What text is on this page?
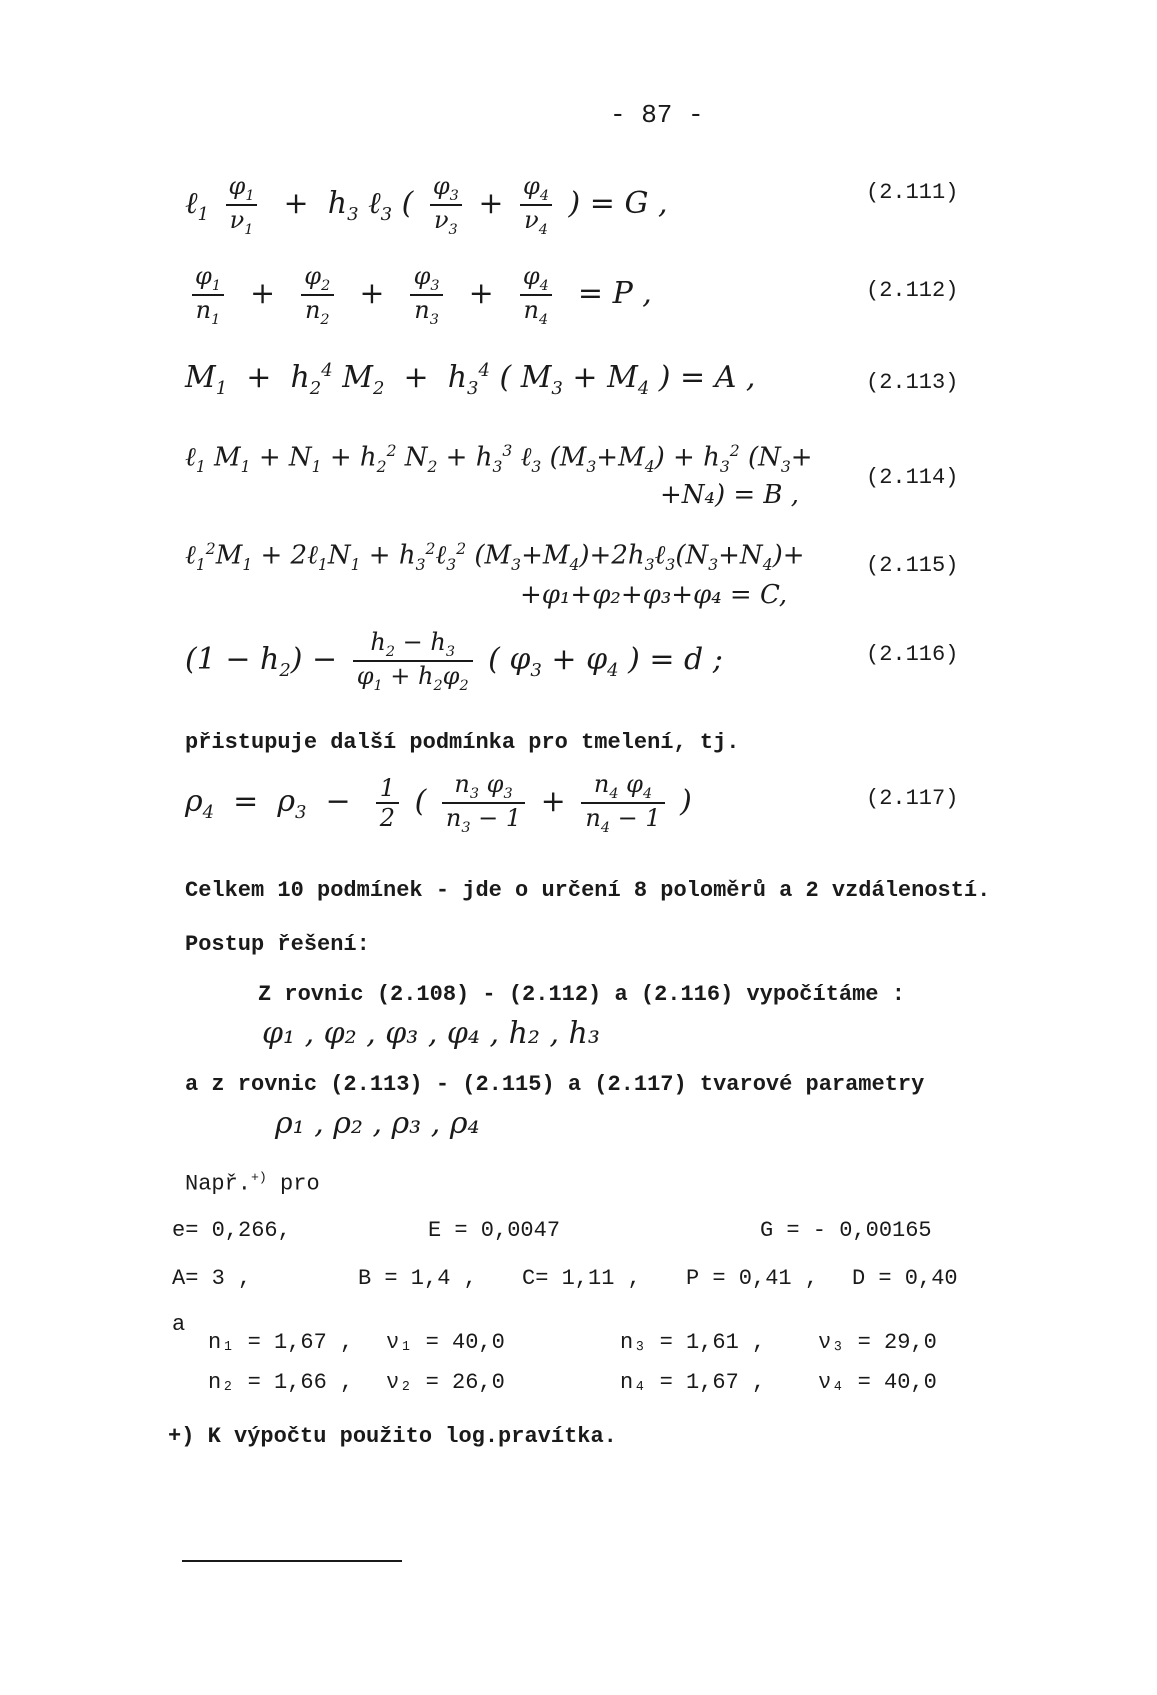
- 87 -
ℓ$_1$ $\frac{\varphi_1}{\nu_1} + h_3$ ℓ$_3$ ( $\frac{\varphi_3}{\nu_3} + \frac{\varphi_4}{\nu_4}$ ) = G ,	(2.111)
$\frac{\varphi_1}{n_1} + \frac{\varphi_2}{n_2} + \frac{\varphi_3}{n_3} + \frac{\varphi_4}{n_4} = P$ ,	(2.112)
$M_1 + h_2^4$ $M_2 + h_3^4$ ( $M_3 + M_4$ ) = A ,	(2.113)
ℓ$_1$ $M_1 + N_1 + h_2^2$ $N_2 + h_3^3$ ℓ$_3$ $(M_3+M_4) + h_3^2$ ($N_3+$
+N₄) = B ,
(2.114)
$\ell_1^2M_1$ + $2\ell_1N_1$ + $h_3^2\ell_3^2$ $(M_3+M_4)+2h_3\ell_3(N_3+N_4)+$
+φ₁+φ₂+φ₃+φ₄ = C,
(2.115)
$(1 - h_2) - \frac{h_2 - h_3}{\varphi_1 + h_2\varphi_2}$ ( $\varphi_3 + \varphi_4$ ) = d ;	(2.116)
přistupuje další podmínka pro tmelení, tj.
$\rho_4 = \rho_3 - \frac{1}{2}$ ( $\frac{n_3 \varphi_3}{n_3 - 1} + \frac{n_4 \varphi_4}{n_4 - 1}$ )	(2.117)
Celkem 10 podmínek - jde o určení 8 poloměrů a 2 vzdáleností.
Postup řešení:
Z rovnic (2.108) - (2.112) a (2.116) vypočítáme :
φ₁ , φ₂ , φ₃ , φ₄ , h₂ , h₃
a z rovnic (2.113) - (2.115) a (2.117) tvarové parametry
ρ₁ , ρ₂ , ρ₃ , ρ₄
Např.+) pro
e= 0,266,	E = 0,0047	G = - 0,00165
A= 3 ,	B = 1,4 , C= 1,11 , P = 0,41 , D = 0,40
a
n₁ = 1,67 , ν₁ = 40,0	n₃ = 1,61 , ν₃ = 29,0
n₂ = 1,66 , ν₂ = 26,0	n₄ = 1,67 , ν₄ = 40,0
+) K výpočtu použito log.pravítka.
